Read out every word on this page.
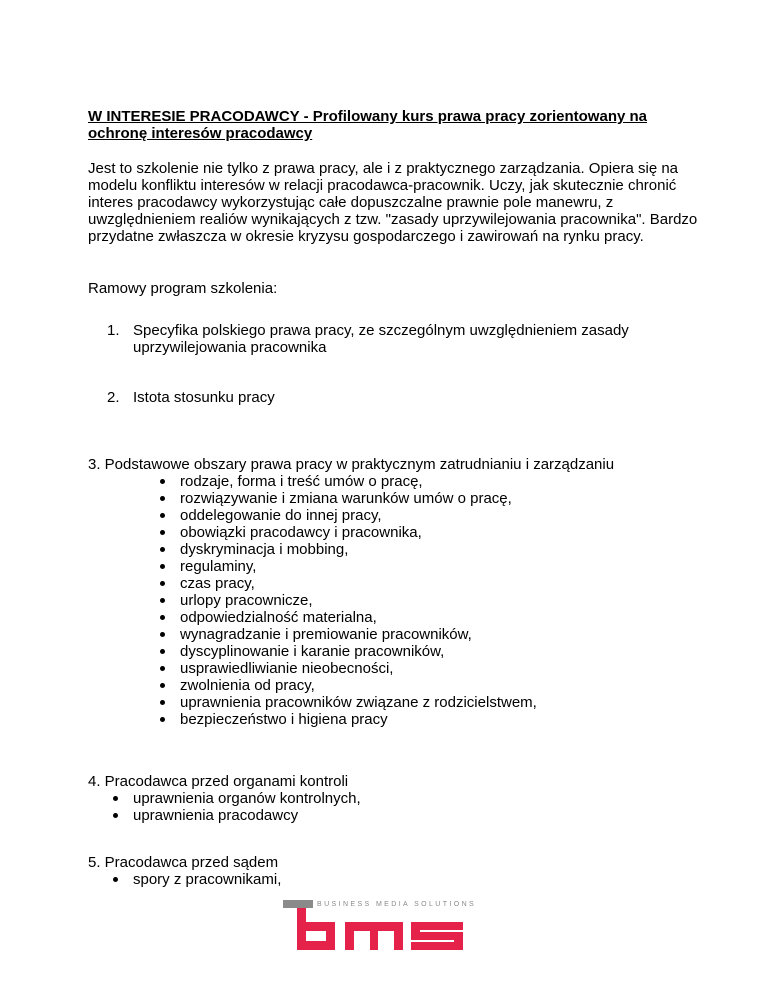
W INTERESIE PRACODAWCY - Profilowany kurs prawa pracy zorientowany na ochronę interesów pracodawcy

Jest to szkolenie nie tylko z prawa pracy, ale i z praktycznego zarządzania. Opiera się na modelu konfliktu interesów w relacji pracodawca-pracownik. Uczy, jak skutecznie chronić interes pracodawcy wykorzystując całe dopuszczalne prawnie pole manewru, z uwzględnieniem realiów wynikających z tzw. "zasady uprzywilejowania pracownika". Bardzo przydatne zwłaszcza w okresie kryzysu gospodarczego i zawirowań na rynku pracy.

Ramowy program szkolenia:

1. Specyfika polskiego prawa pracy, ze szczególnym uwzględnieniem zasady uprzywilejowania pracownika
2. Istota stosunku pracy

3. Podstawowe obszary prawa pracy w praktycznym zatrudnianiu i zarządzaniu

rodzaje, forma i treść umów o pracę,
rozwiązywanie i zmiana warunków umów o pracę,
oddelegowanie do innej pracy,
obowiązki pracodawcy i pracownika,
dyskryminacja i mobbing,
regulaminy,
czas pracy,
urlopy pracownicze,
odpowiedzialność materialna,
wynagradzanie i premiowanie pracowników,
dyscyplinowanie i karanie pracowników,
usprawiedliwianie nieobecności,
zwolnienia od pracy,
uprawnienia pracowników związane z rodzicielstwem,
bezpieczeństwo i higiena pracy

4. Pracodawca przed organami kontroli

uprawnienia organów kontrolnych,
uprawnienia pracodawcy

5. Pracodawca przed sądem

spory z pracownikami,
BUSINESS MEDIA SOLUTIONS
